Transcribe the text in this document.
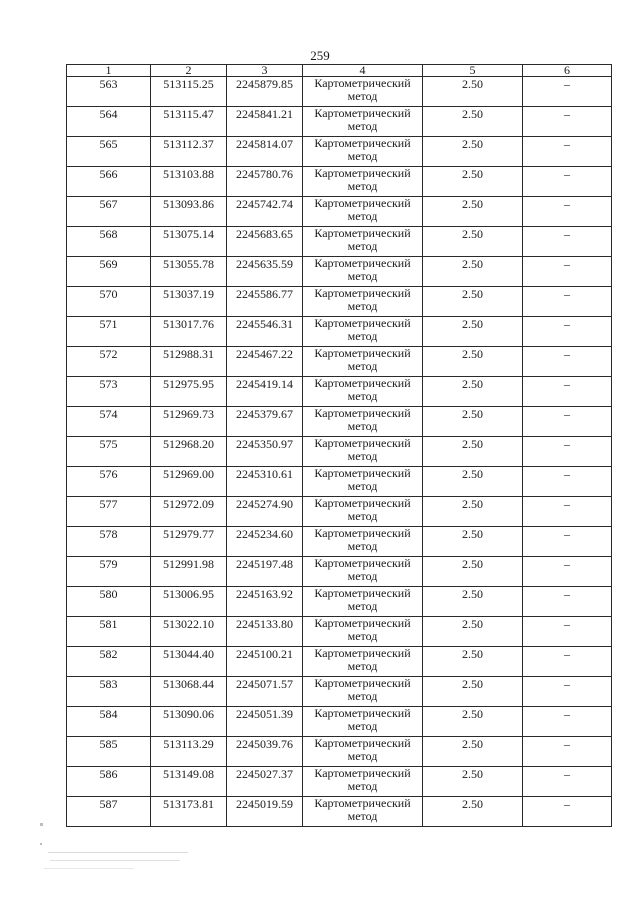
259
1	2	3	4	5	6
563	513115.25	2245879.85	Картометрический метод	2.50	–
564	513115.47	2245841.21	Картометрический метод	2.50	–
565	513112.37	2245814.07	Картометрический метод	2.50	–
566	513103.88	2245780.76	Картометрический метод	2.50	–
567	513093.86	2245742.74	Картометрический метод	2.50	–
568	513075.14	2245683.65	Картометрический метод	2.50	–
569	513055.78	2245635.59	Картометрический метод	2.50	–
570	513037.19	2245586.77	Картометрический метод	2.50	–
571	513017.76	2245546.31	Картометрический метод	2.50	–
572	512988.31	2245467.22	Картометрический метод	2.50	–
573	512975.95	2245419.14	Картометрический метод	2.50	–
574	512969.73	2245379.67	Картометрический метод	2.50	–
575	512968.20	2245350.97	Картометрический метод	2.50	–
576	512969.00	2245310.61	Картометрический метод	2.50	–
577	512972.09	2245274.90	Картометрический метод	2.50	–
578	512979.77	2245234.60	Картометрический метод	2.50	–
579	512991.98	2245197.48	Картометрический метод	2.50	–
580	513006.95	2245163.92	Картометрический метод	2.50	–
581	513022.10	2245133.80	Картометрический метод	2.50	–
582	513044.40	2245100.21	Картометрический метод	2.50	–
583	513068.44	2245071.57	Картометрический метод	2.50	–
584	513090.06	2245051.39	Картометрический метод	2.50	–
585	513113.29	2245039.76	Картометрический метод	2.50	–
586	513149.08	2245027.37	Картометрический метод	2.50	–
587	513173.81	2245019.59	Картометрический метод	2.50	–
